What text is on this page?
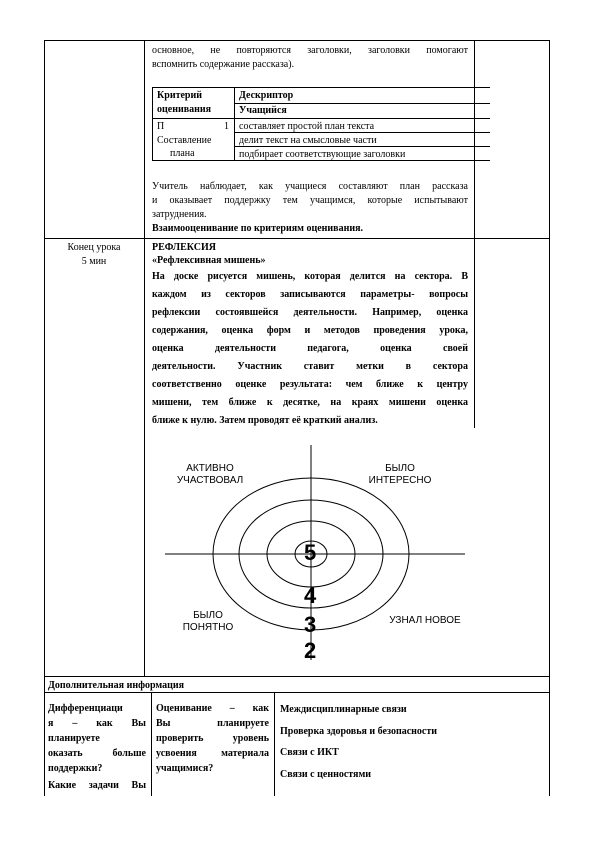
основное, не повторяются заголовки, заголовки помогают
вспомнить содержание рассказа).
Критерий
оценивания
Дескриптор
Учащийся
П	1
Составление
плана
составляет простой план текста
делит текст на смысловые части
подбирает соответствующие заголовки
Учитель наблюдает, как учащиеся составляют план рассказа
и оказывает поддержку тем учащимся, которые испытывают
затруднения.
Взаимооценивание по критериям оценивания.
Конец урока
5 мин
РЕФЛЕКСИЯ
«Рефлексивная мишень»
На доске рисуется мишень, которая делится на сектора. В
каждом из секторов записываются параметры- вопросы
рефлексии состоявшейся деятельности. Например, оценка
содержания, оценка форм и методов проведения урока,
оценка деятельности педагога, оценка своей
деятельности. Участник ставит метки в сектора
соответственно оценке результата: чем ближе к центру
мишени, тем ближе к десятке, на краях мишени оценка
ближе к нулю. Затем проводят её краткий анализ.
АКТИВНО
УЧАСТВОВАЛ
БЫЛО
ИНТЕРЕСНО
БЫЛО
ПОНЯТНО
УЗНАЛ НОВОЕ
5
4
3
2
Дополнительная информация
Дифференциаци
я – как Вы
планируете
оказать больше
поддержки?
Какие задачи Вы
Оценивание – как
Вы планируете
проверить уровень
усвоения материала
учащимися?
Междисциплинарные связи
Проверка здоровья и безопасности
Связи с ИКТ
Связи с ценностями
